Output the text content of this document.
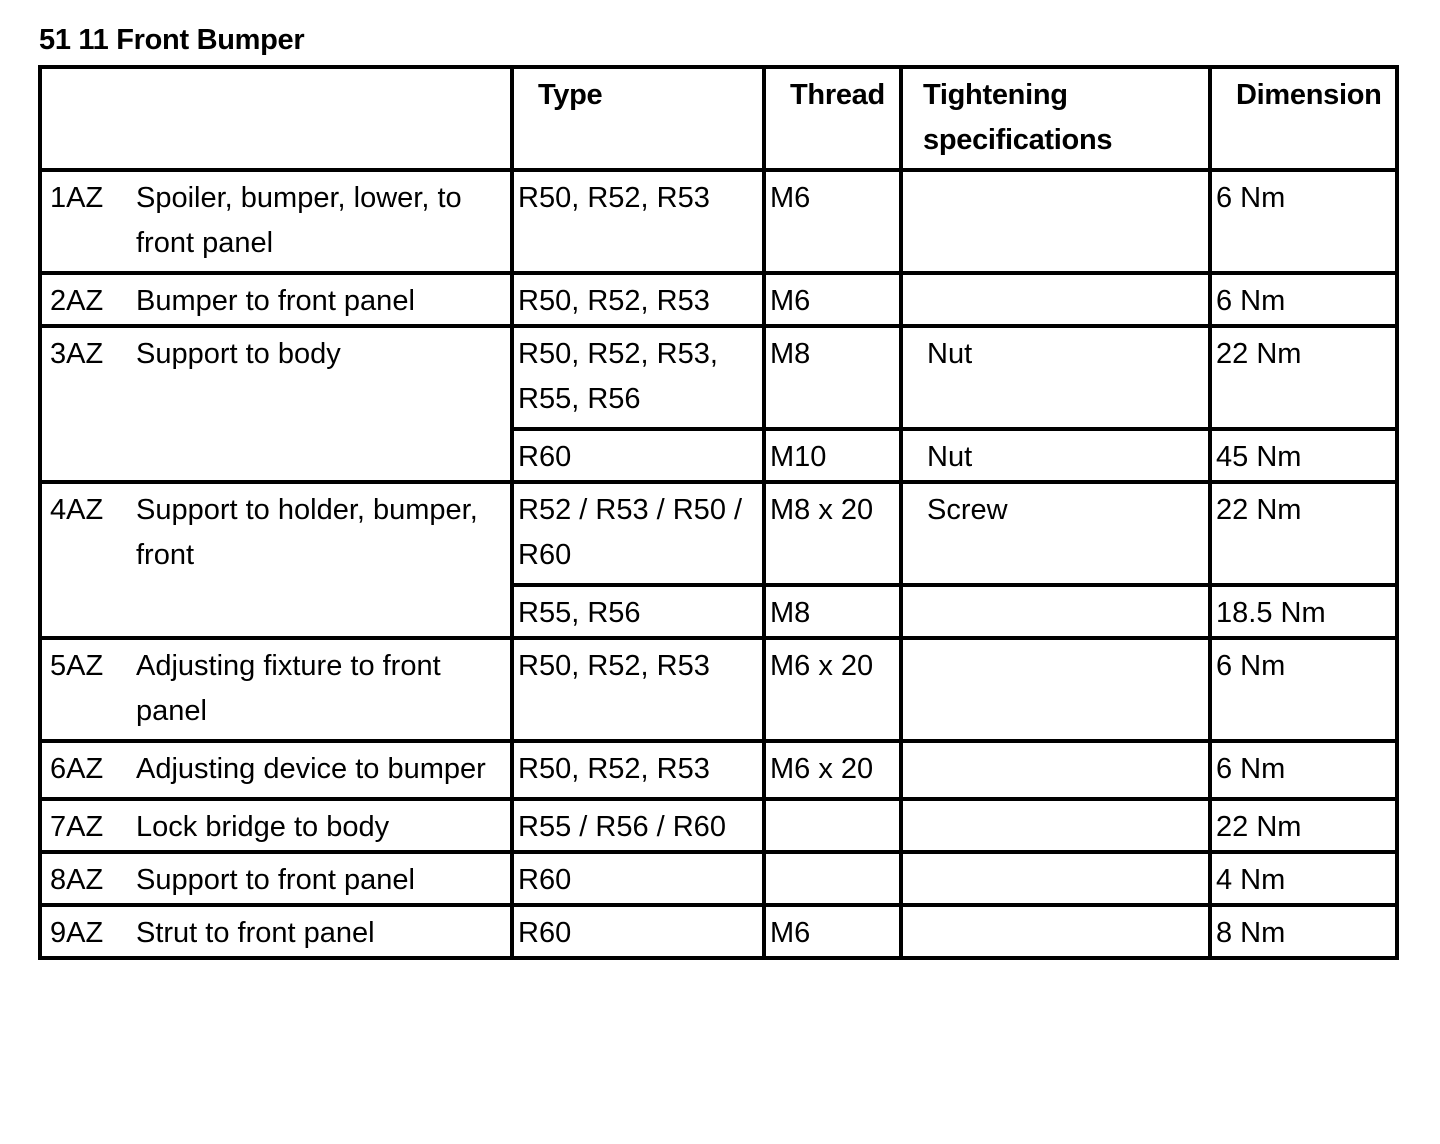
51 11 Front Bumper
	Type	Thread	Tightening specifications	Dimension

1AZ Spoiler, bumper, lower, to front panel	R50, R52, R53	M6		6 Nm

2AZ Bumper to front panel	R50, R52, R53	M6		6 Nm

3AZ Support to body	R50, R52, R53, R55, R56	M8	Nut	22 Nm
	R60	M10	Nut	45 Nm

4AZ Support to holder, bumper, front	R52 / R53 / R50 / R60	M8 x 20	Screw	22 Nm
	R55, R56	M8		18.5 Nm

5AZ Adjusting fixture to front panel	R50, R52, R53	M6 x 20		6 Nm

6AZ Adjusting device to bumper	R50, R52, R53	M6 x 20		6 Nm

7AZ Lock bridge to body	R55 / R56 / R60			22 Nm

8AZ Support to front panel	R60			4 Nm

9AZ Strut to front panel	R60	M6		8 Nm
